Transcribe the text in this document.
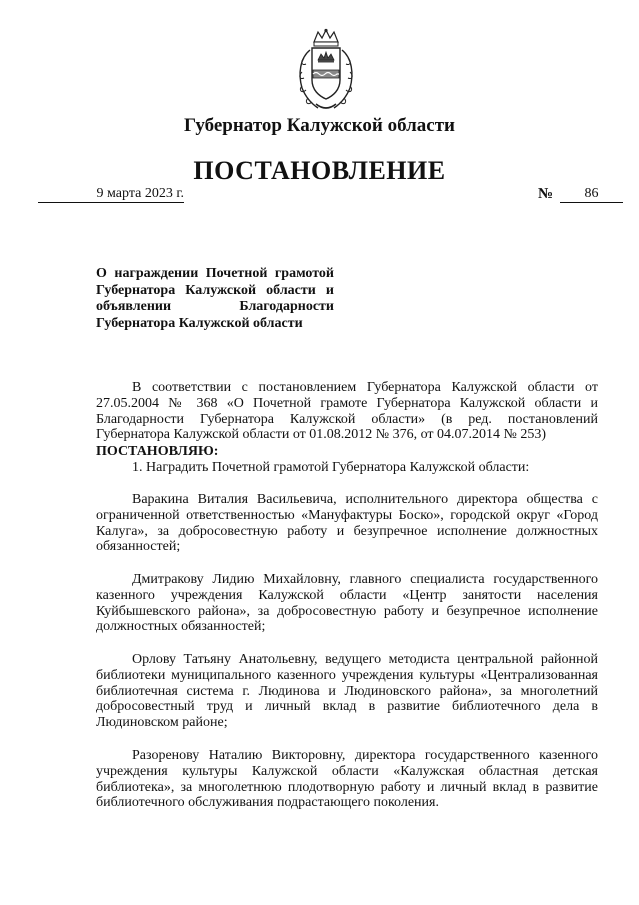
Губернатор Калужской области
ПОСТАНОВЛЕНИЕ
9 марта 2023 г.	№	86
О награждении Почетной грамотой Губернатора Калужской области и объявлении Благодарности Губернатора Калужской области

В соответствии с постановлением Губернатора Калужской области от 27.05.2004 № 368 «О Почетной грамоте Губернатора Калужской области и Благодарности Губернатора Калужской области» (в ред. постановлений Губернатора Калужской области от 01.08.2012 № 376, от 04.07.2014 № 253)

ПОСТАНОВЛЯЮ:

1. Наградить Почетной грамотой Губернатора Калужской области:

Варакина Виталия Васильевича, исполнительного директора общества с ограниченной ответственностью «Мануфактуры Боско», городской округ «Город Калуга», за добросовестную работу и безупречное исполнение должностных обязанностей;

Дмитракову Лидию Михайловну, главного специалиста государственного казенного учреждения Калужской области «Центр занятости населения Куйбышевского района», за добросовестную работу и безупречное исполнение должностных обязанностей;

Орлову Татьяну Анатольевну, ведущего методиста центральной районной библиотеки муниципального казенного учреждения культуры «Централизованная библиотечная система г. Людинова и Людиновского района», за многолетний добросовестный труд и личный вклад в развитие библиотечного дела в Людиновском районе;

Разоренову Наталию Викторовну, директора государственного казенного учреждения культуры Калужской области «Калужская областная детская библиотека», за многолетнюю плодотворную работу и личный вклад в развитие библиотечного обслуживания подрастающего поколения.
